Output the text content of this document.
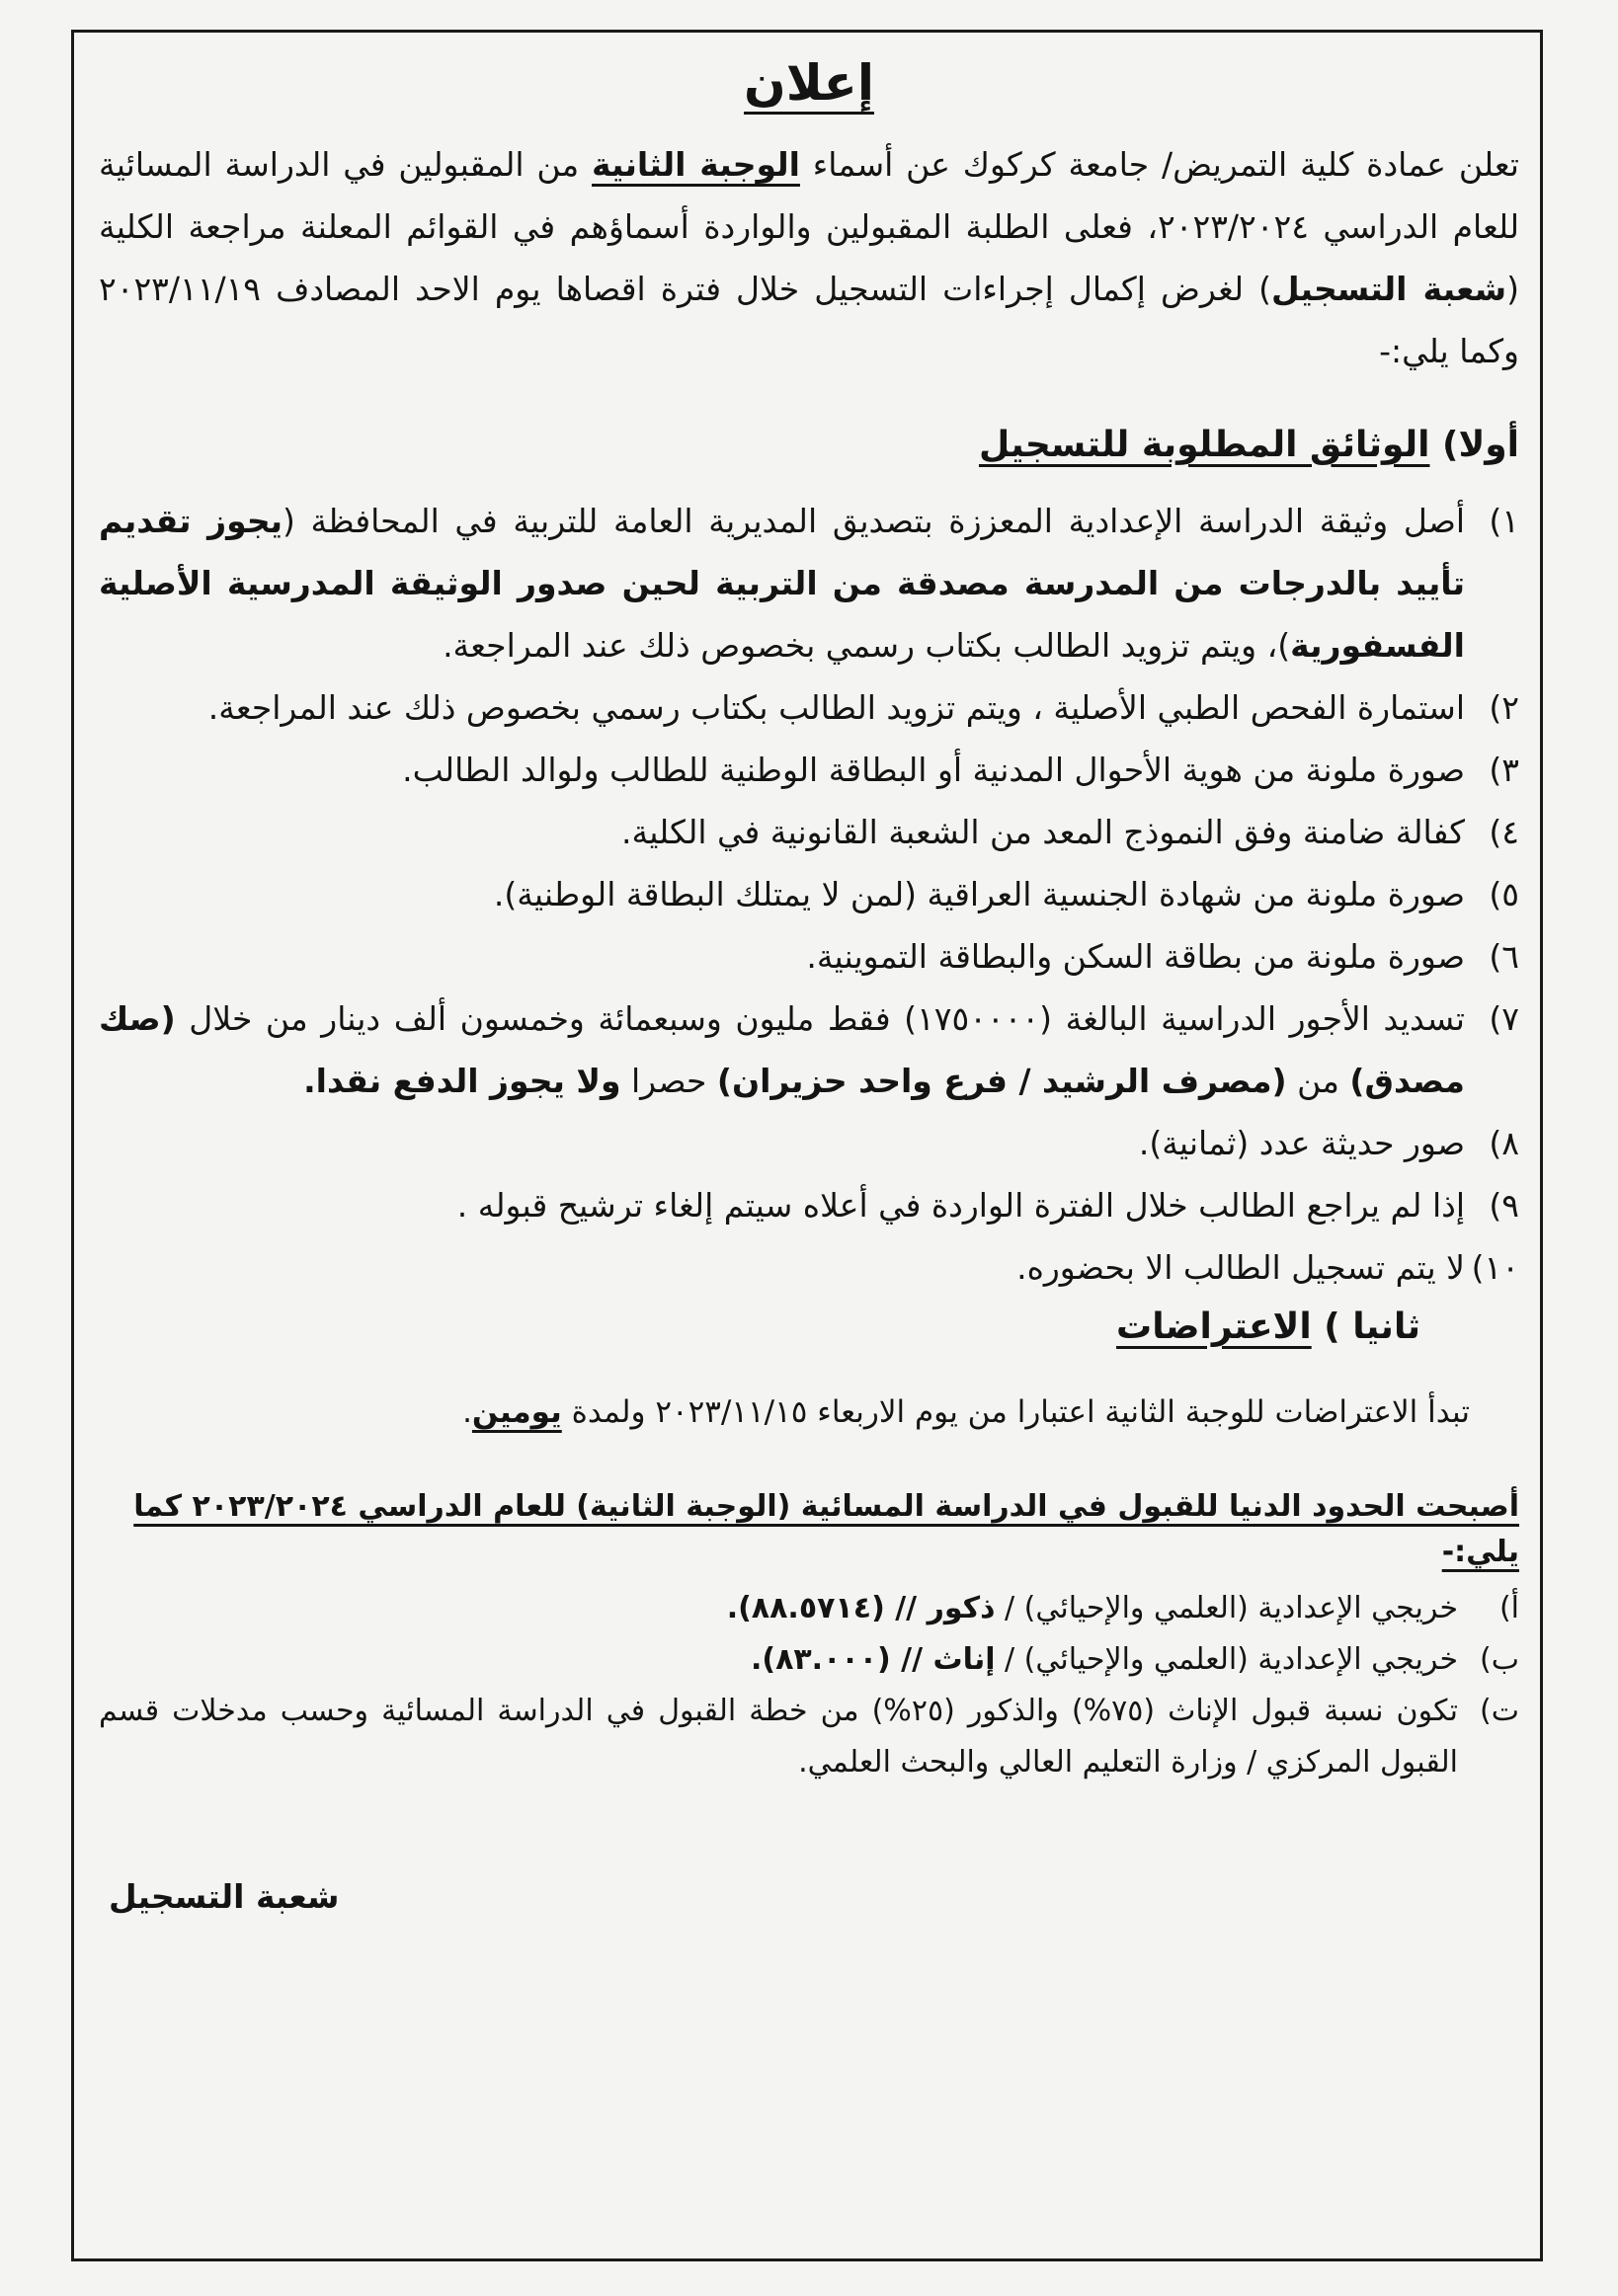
إعلان

تعلن عمادة كلية التمريض/ جامعة كركوك عن أسماء الوجبة الثانية من المقبولين في الدراسة المسائية للعام الدراسي ٢٠٢٣/٢٠٢٤، فعلى الطلبة المقبولين والواردة أسماؤهم في القوائم المعلنة مراجعة الكلية (شعبة التسجيل) لغرض إكمال إجراءات التسجيل خلال فترة اقصاها يوم الاحد المصادف ٢٠٢٣/١١/١٩ وكما يلي:-

أولا) الوثائق المطلوبة للتسجيل
١)
أصل وثيقة الدراسة الإعدادية المعززة بتصديق المديرية العامة للتربية في المحافظة (يجوز تقديم تأييد بالدرجات من المدرسة مصدقة من التربية لحين صدور الوثيقة المدرسية الأصلية الفسفورية)، ويتم تزويد الطالب بكتاب رسمي بخصوص ذلك عند المراجعة.
٢)
استمارة الفحص الطبي الأصلية ، ويتم تزويد الطالب بكتاب رسمي بخصوص ذلك عند المراجعة.
٣)
صورة ملونة من هوية الأحوال المدنية أو البطاقة الوطنية للطالب ولوالد الطالب.
٤)
كفالة ضامنة وفق النموذج المعد من الشعبة القانونية في الكلية.
٥)
صورة ملونة من شهادة الجنسية العراقية (لمن لا يمتلك البطاقة الوطنية).
٦)
صورة ملونة من بطاقة السكن والبطاقة التموينية.
٧)
تسديد الأجور الدراسية البالغة (١٧٥٠٠٠٠) فقط مليون وسبعمائة وخمسون ألف دينار من خلال (صك مصدق) من (مصرف الرشيد / فرع واحد حزيران) حصرا ولا يجوز الدفع نقدا.
٨)
صور حديثة عدد (ثمانية).
٩)
إذا لم يراجع الطالب خلال الفترة الواردة في أعلاه سيتم إلغاء ترشيح قبوله .
١٠)
لا يتم تسجيل الطالب الا بحضوره.
ثانيا ) الاعتراضات

تبدأ الاعتراضات للوجبة الثانية اعتبارا من يوم الاربعاء ٢٠٢٣/١١/١٥ ولمدة يومين.

أصبحت الحدود الدنيا للقبول في الدراسة المسائية (الوجبة الثانية) للعام الدراسي ٢٠٢٣/٢٠٢٤ كما يلي:-
أ)
خريجي الإعدادية (العلمي والإحيائي) / ذكور // (٨٨.٥٧١٤).
ب)
خريجي الإعدادية (العلمي والإحيائي) / إناث // (٨٣.٠٠٠).
ت)
تكون نسبة قبول الإناث (٧٥%) والذكور (٢٥%) من خطة القبول في الدراسة المسائية وحسب مدخلات قسم القبول المركزي / وزارة التعليم العالي والبحث العلمي.
شعبة التسجيل
